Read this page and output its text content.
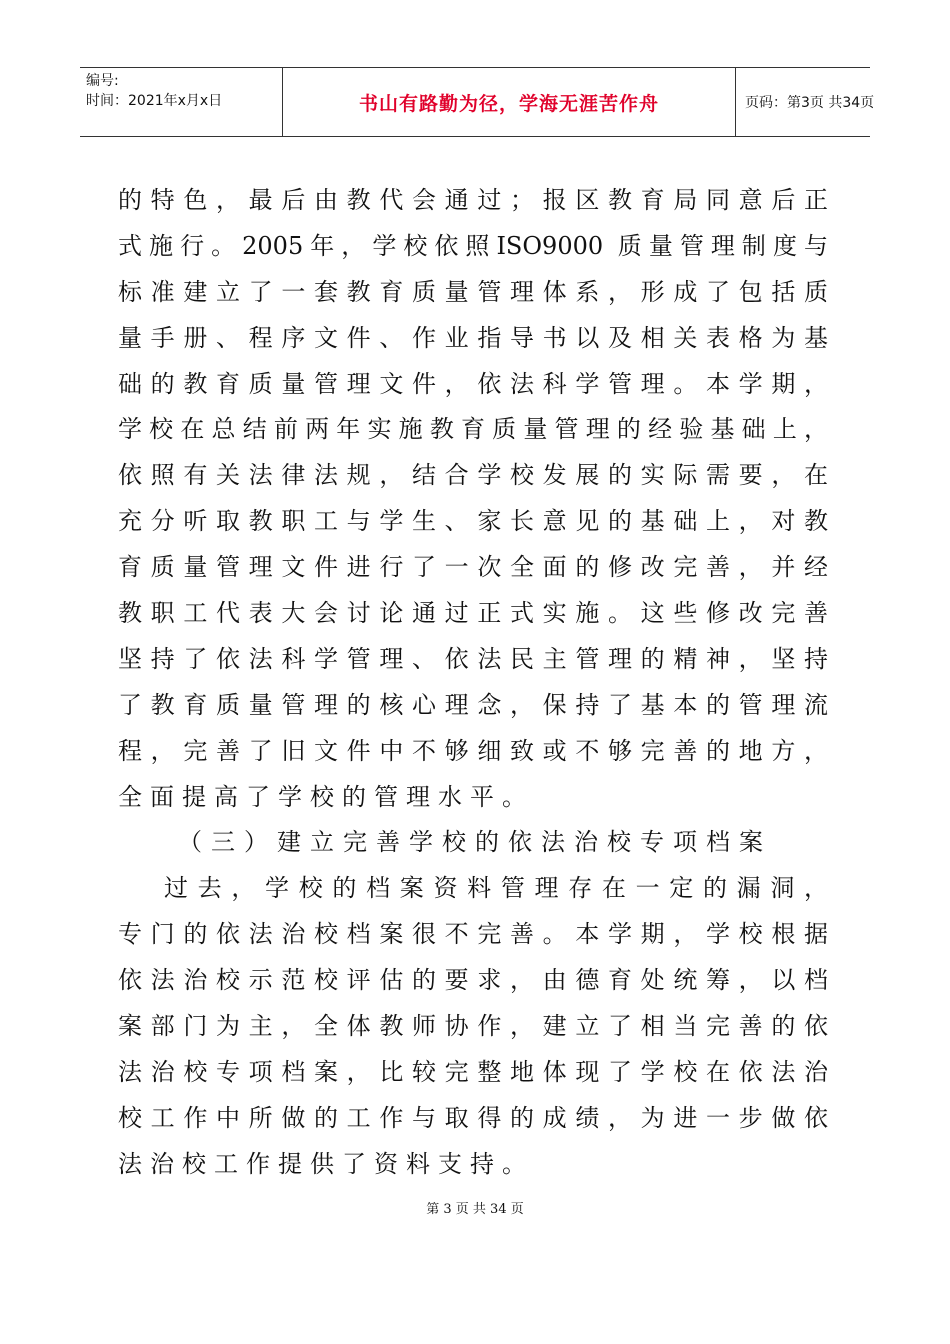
编号:
时间：2021年x月x日	书山有路勤为径，学海无涯苦作舟	页码：第3页 共34页
的特色，最后由教代会通过；报区教育局同意后正
式施行。2005年，学校依照ISO9000 质量管理制度与
标准建立了一套教育质量管理体系，形成了包括质
量手册、程序文件、作业指导书以及相关表格为基
础的教育质量管理文件，依法科学管理。本学期，
学校在总结前两年实施教育质量管理的经验基础上，
依照有关法律法规，结合学校发展的实际需要，在
充分听取教职工与学生、家长意见的基础上，对教
育质量管理文件进行了一次全面的修改完善，并经
教职工代表大会讨论通过正式实施。这些修改完善
坚持了依法科学管理、依法民主管理的精神，坚持
了教育质量管理的核心理念，保持了基本的管理流
程，完善了旧文件中不够细致或不够完善的地方，
全面提高了学校的管理水平。
（三）建立完善学校的依法治校专项档案
过去，学校的档案资料管理存在一定的漏洞，
专门的依法治校档案很不完善。本学期，学校根据
依法治校示范校评估的要求，由德育处统筹，以档
案部门为主，全体教师协作，建立了相当完善的依
法治校专项档案，比较完整地体现了学校在依法治
校工作中所做的工作与取得的成绩，为进一步做依
法治校工作提供了资料支持。
第 3 页 共 34 页
